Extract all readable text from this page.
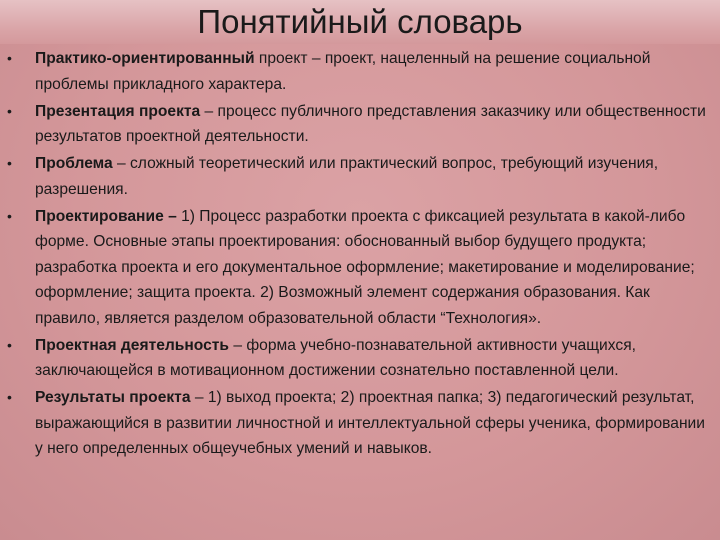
Понятийный словарь
• Практико-ориентированный проект – проект, нацеленный на решение социальной проблемы прикладного характера.
• Презентация проекта – процесс публичного представления заказчику или общественности результатов проектной деятельности.
• Проблема – сложный теоретический или практический вопрос, требующий изучения, разрешения.
• Проектирование – 1) Процесс разработки проекта с фиксацией результата в какой-либо форме. Основные этапы проектирования: обоснованный выбор будущего продукта; разработка проекта и его документальное оформление; макетирование и моделирование; оформление; защита проекта. 2) Возможный элемент содержания образования. Как правило, является разделом образовательной области “Технология».
• Проектная деятельность – форма учебно-познавательной активности учащихся, заключающейся в мотивационном достижении сознательно поставленной цели.
• Результаты проекта – 1) выход проекта; 2) проектная папка; 3) педагогический результат, выражающийся в развитии личностной и интеллектуальной сферы ученика, формировании у него определенных общеучебных умений и навыков.
